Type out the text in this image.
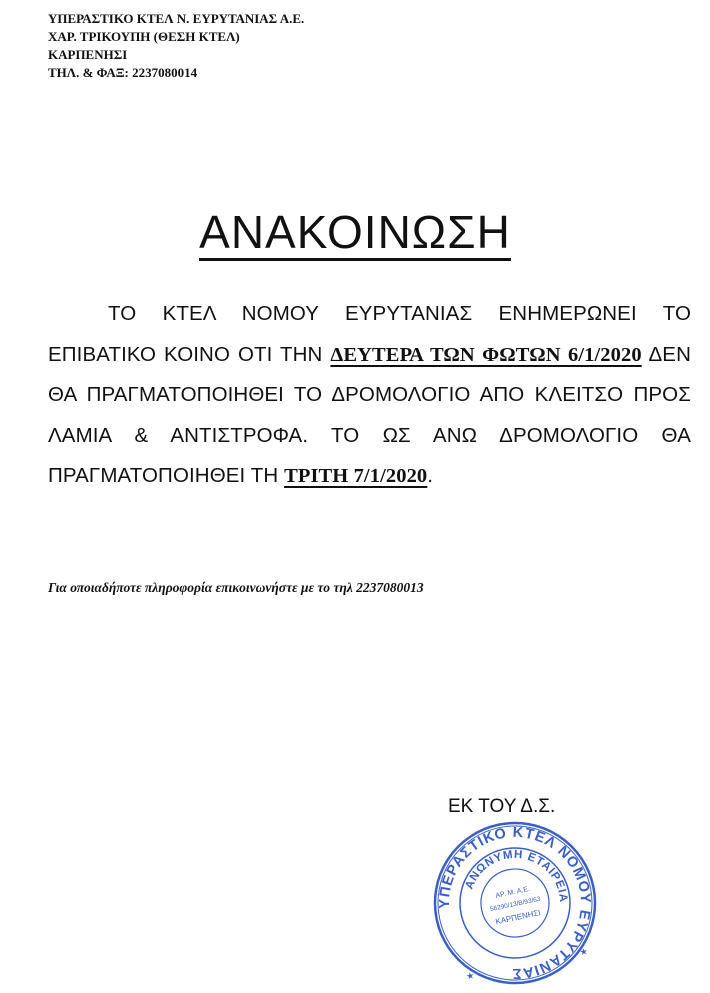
ΥΠΕΡΑΣΤΙΚΟ ΚΤΕΛ Ν. ΕΥΡΥΤΑΝΙΑΣ Α.Ε.
ΧΑΡ. ΤΡΙΚΟΥΠΗ (ΘΕΣΗ ΚΤΕΛ)
ΚΑΡΠΕΝΗΣΙ
ΤΗΛ. & ΦΑΞ: 2237080014
ΑΝΑΚΟΙΝΩΣΗ
ΤΟ ΚΤΕΛ ΝΟΜΟΥ ΕΥΡΥΤΑΝΙΑΣ ΕΝΗΜΕΡΩΝΕΙ ΤΟ ΕΠΙΒΑΤΙΚΟ ΚΟΙΝΟ ΟΤΙ ΤΗΝ ΔΕΥΤΕΡΑ ΤΩΝ ΦΩΤΩΝ 6/1/2020 ΔΕΝ ΘΑ ΠΡΑΓΜΑΤΟΠΟΙΗΘΕΙ ΤΟ ΔΡΟΜΟΛΟΓΙΟ ΑΠΟ ΚΛΕΙΤΣΟ ΠΡΟΣ ΛΑΜΙΑ & ΑΝΤΙΣΤΡΟΦΑ. ΤΟ ΩΣ ΑΝΩ ΔΡΟΜΟΛΟΓΙΟ ΘΑ ΠΡΑΓΜΑΤΟΠΟΙΗΘΕΙ ΤΗ ΤΡΙΤΗ 7/1/2020.
Για οποιαδήποτε πληροφορία επικοινωνήστε με το τηλ 2237080013
ΕΚ ΤΟΥ Δ.Σ.
ΥΠΕΡΑΣΤΙΚΟ ΚΤΕΛ ΝΟΜΟΥ ΕΥΡΥΤΑΝΙΑΣ
ΑΝΩΝΥΜΗ ΕΤΑΙΡΕΙΑ
ΑΡ. Μ. Α.Ε.
56290/13/Β/93/63
ΚΑΡΠΕΝΗΣΙ
★
★
